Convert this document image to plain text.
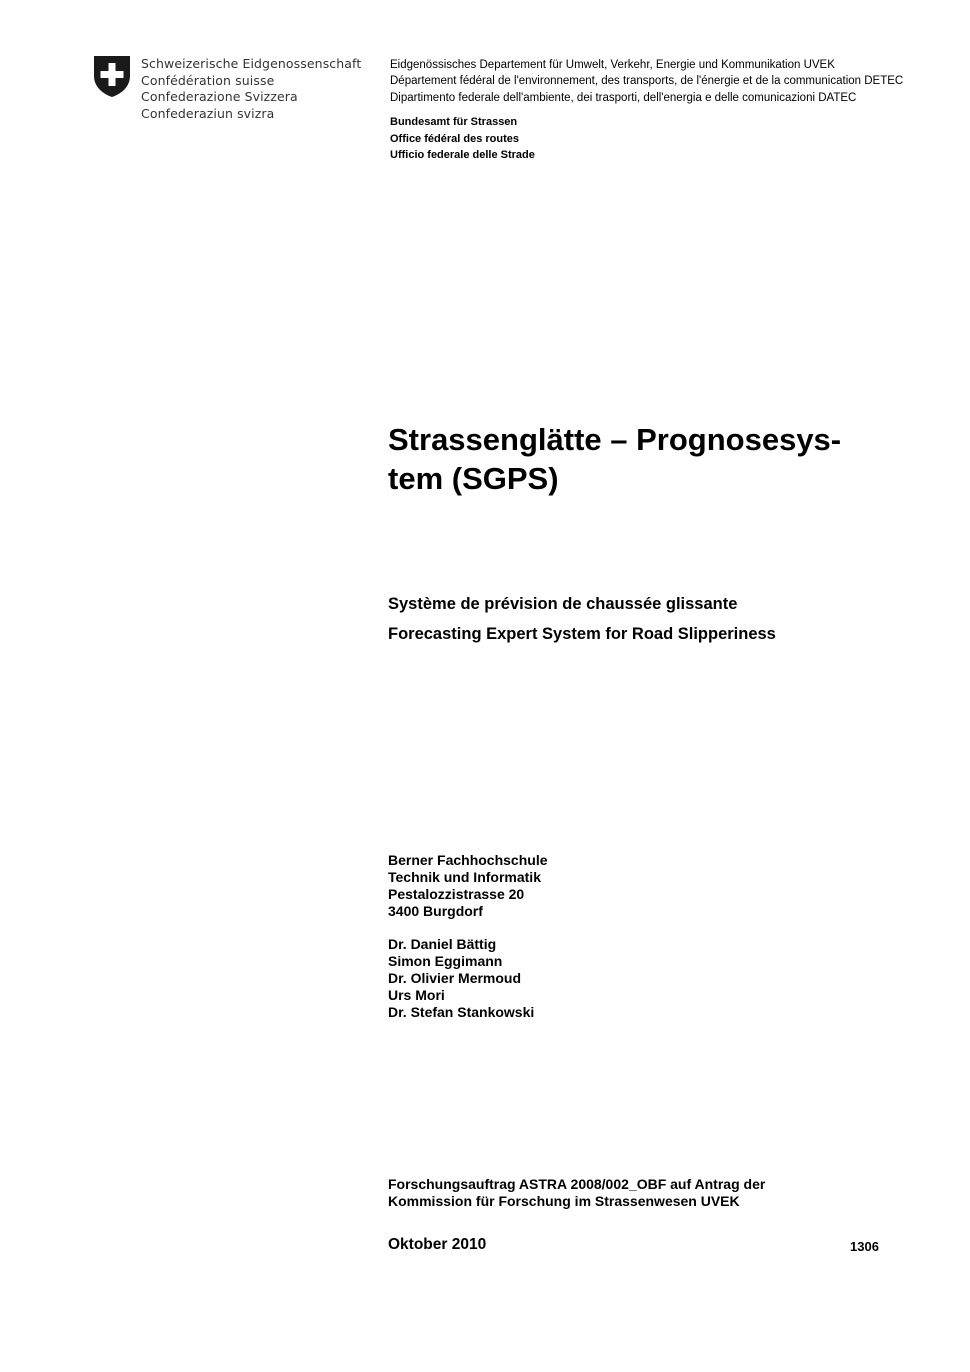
Schweizerische Eidgenossenschaft
Confédération suisse
Confederazione Svizzera
Confederaziun svizra
Eidgenössisches Departement für Umwelt, Verkehr, Energie und Kommunikation UVEK
Département fédéral de l'environnement, des transports, de l'énergie et de la communication DETEC
Dipartimento federale dell'ambiente, dei trasporti, dell'energia e delle comunicazioni DATEC
Bundesamt für Strassen
Office fédéral des routes
Ufficio federale delle Strade
Strassenglätte – Prognosesys-
tem (SGPS)
Système de prévision de chaussée glissante
Forecasting Expert System for Road Slipperiness
Berner Fachhochschule
Technik und Informatik
Pestalozzistrasse 20
3400 Burgdorf
Dr. Daniel Bättig
Simon Eggimann
Dr. Olivier Mermoud
Urs Mori
Dr. Stefan Stankowski
Forschungsauftrag ASTRA 2008/002_OBF auf Antrag der
Kommission für Forschung im Strassenwesen UVEK
Oktober 2010	1306
